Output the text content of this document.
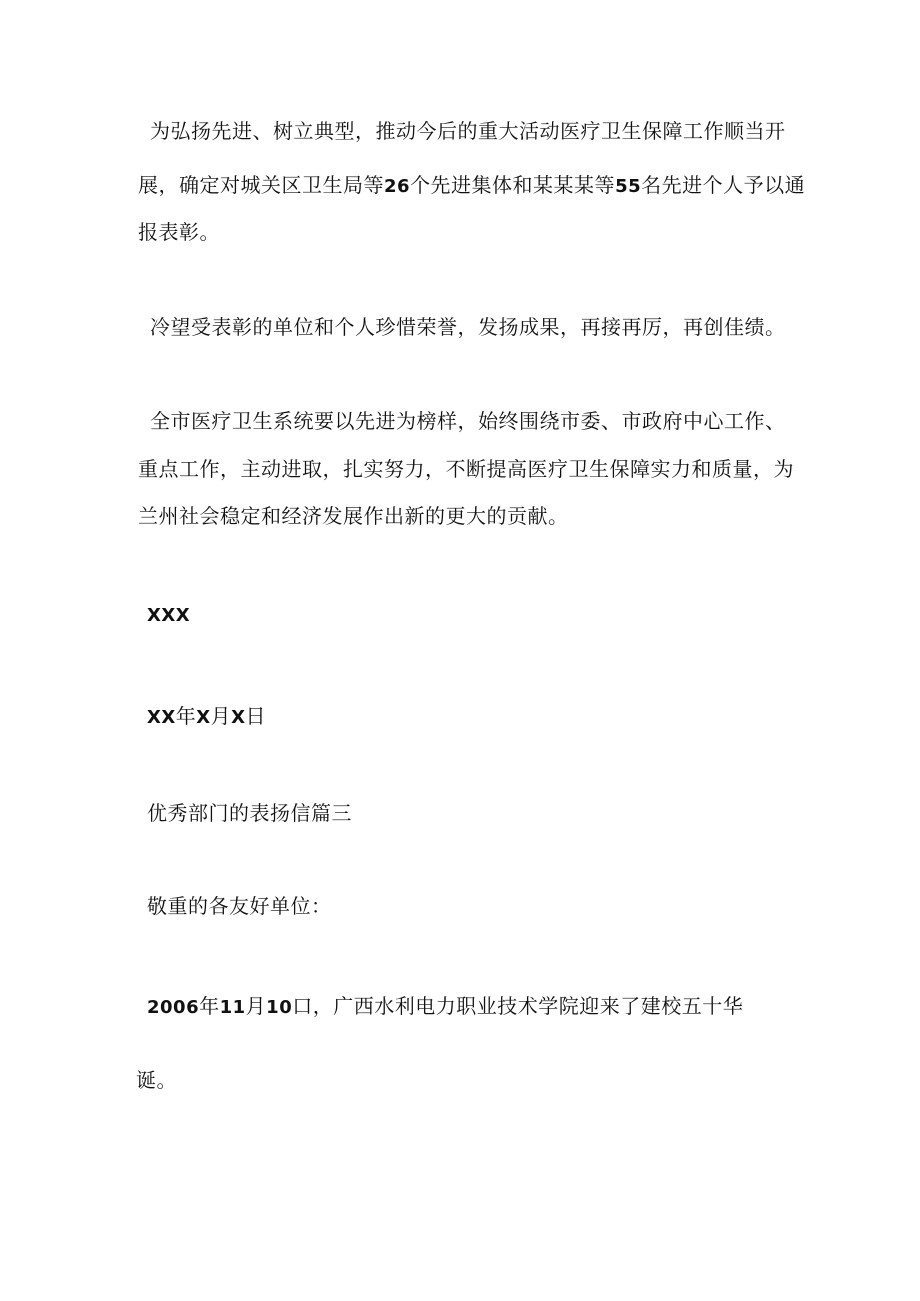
为弘扬先进、树立典型，推动今后的重大活动医疗卫生保障工作顺当开
展，确定对城关区卫生局等26个先进集体和某某某等55名先进个人予以通
报表彰。
冷望受表彰的单位和个人珍惜荣誉，发扬成果，再接再厉，再创佳绩。
全市医疗卫生系统要以先进为榜样，始终围绕市委、市政府中心工作、
重点工作，主动进取，扎实努力，不断提高医疗卫生保障实力和质量，为
兰州社会稳定和经济发展作出新的更大的贡献。
XXX
XX年X月X日
优秀部门的表扬信篇三
敬重的各友好单位：
2006年11月10口，广西水利电力职业技术学院迎来了建校五十华
诞。
